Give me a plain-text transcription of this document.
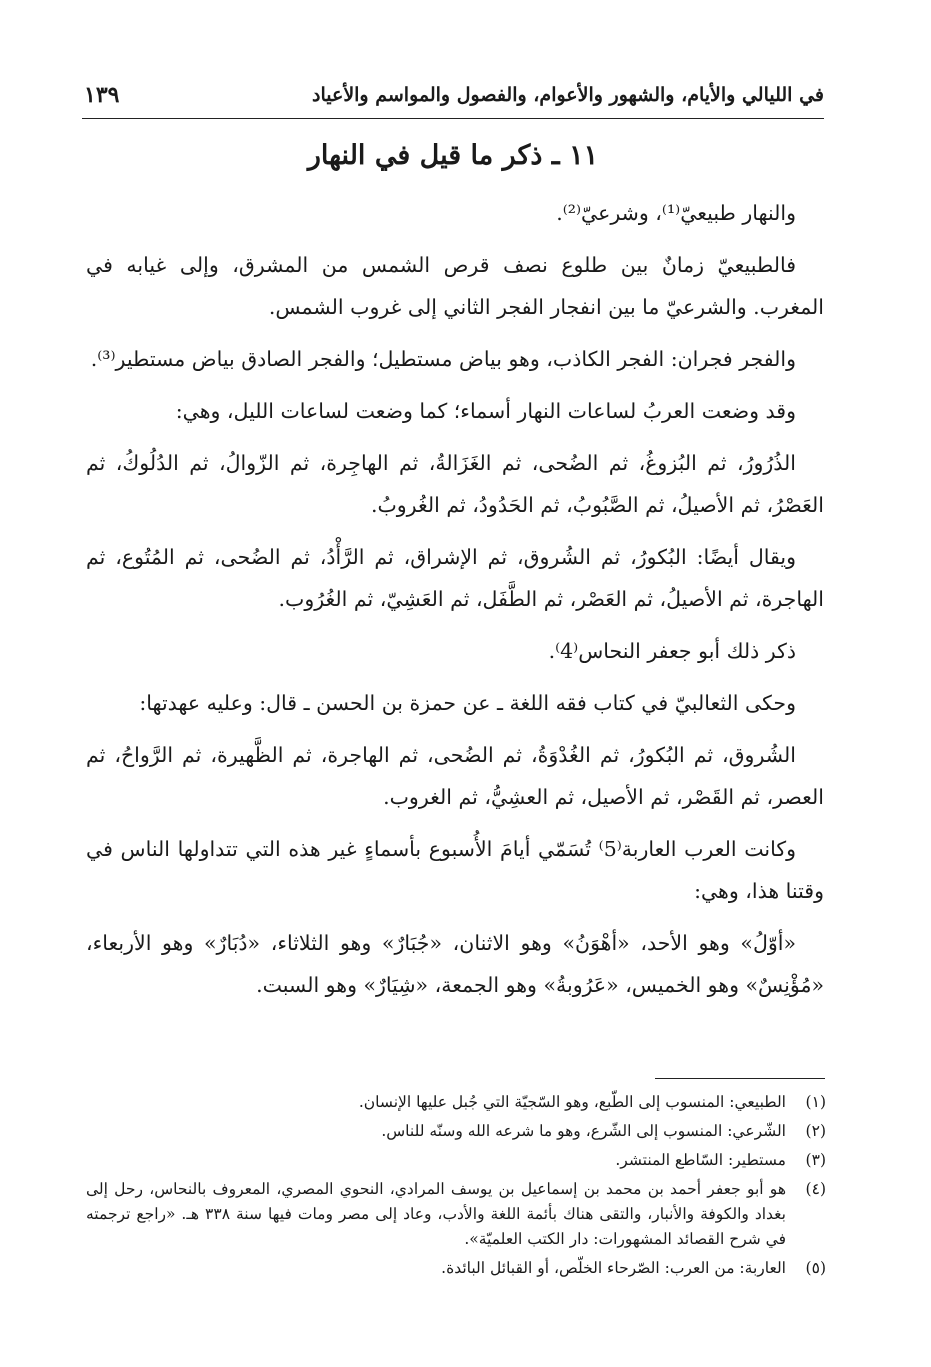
في الليالي والأيام، والشهور والأعوام، والفصول والمواسم والأعياد
١٣٩
١١ ـ ذكر ما قيل في النهار

والنهار طبيعيّ⁽¹⁾، وشرعيّ⁽²⁾.

فالطبيعيّ زمانٌ بين طلوع نصف قرص الشمس من المشرق، وإلى غيابه في المغرب. والشرعيّ ما بين انفجار الفجر الثاني إلى غروب الشمس.

والفجر فجران: الفجر الكاذب، وهو بياض مستطيل؛ والفجر الصادق بياض مستطير⁽³⁾.

وقد وضعت العربُ لساعات النهار أسماء؛ كما وضعت لساعات الليل، وهي:

الذُرُورُ، ثم البُزوغُ، ثم الضُحى، ثم الغَزَالةُ، ثم الهاجِرة، ثم الزّوالُ، ثم الدُلُوكُ، ثم العَصْرُ، ثم الأصيلُ، ثم الصَّبُوبُ، ثم الحَدُودُ، ثم الغُروبُ.

ويقال أيضًا: البُكورُ، ثم الشُروق، ثم الإشراق، ثم الرَّأْدُ، ثم الضُحى، ثم المُتُوع، ثم الهاجرة، ثم الأصيلُ، ثم العَصْر، ثم الطَّفَل، ثم العَشِيّ، ثم الغُرُوب.

ذكر ذلك أبو جعفر النحاس⁽4⁾.

وحكى الثعالبيّ في كتاب فقه اللغة ـ عن حمزة بن الحسن ـ قال: وعليه عهدتها:

الشُروق، ثم البُكورُ، ثم الغُدْوَةُ، ثم الضُحى، ثم الهاجرة، ثم الظَّهيرة، ثم الرَّواحُ، ثم العصر، ثم القَصْر، ثم الأصيل، ثم العشِيُّ، ثم الغروب.

وكانت العرب العاربة⁽5⁾ تُسَمّي أيامَ الأُسبوع بأسماءٍ غير هذه التي تتداولها الناس في وقتنا هذا، وهي:

«أوّلُ» وهو الأحد، «أهْوَنُ» وهو الاثنان، «جُبَارٌ» وهو الثلاثاء، «دُبَارٌ» وهو الأربعاء، «مُؤْنِسٌ» وهو الخميس، «عَرُوبةُ» وهو الجمعة، «شِيَارٌ» وهو السبت.

(١)
الطبيعي: المنسوب إلى الطّبع، وهو السّجيّة التي جُبل عليها الإنسان.
(٢)
الشّرعي: المنسوب إلى الشّرع، وهو ما شرعه الله وسنّه للناس.
(٣)
مستطير: السّاطع المنتشر.
(٤)
هو أبو جعفر أحمد بن محمد بن إسماعيل بن يوسف المرادي، النحوي المصري، المعروف بالنحاس، رحل إلى بغداد والكوفة والأنبار، والتقى هناك بأئمة اللغة والأدب، وعاد إلى مصر ومات فيها سنة ٣٣٨ هـ. «راجع ترجمته في شرح القصائد المشهورات: دار الكتب العلميّة».
(٥)
العاربة: من العرب: الصّرحاء الخلّص، أو القبائل البائدة.
